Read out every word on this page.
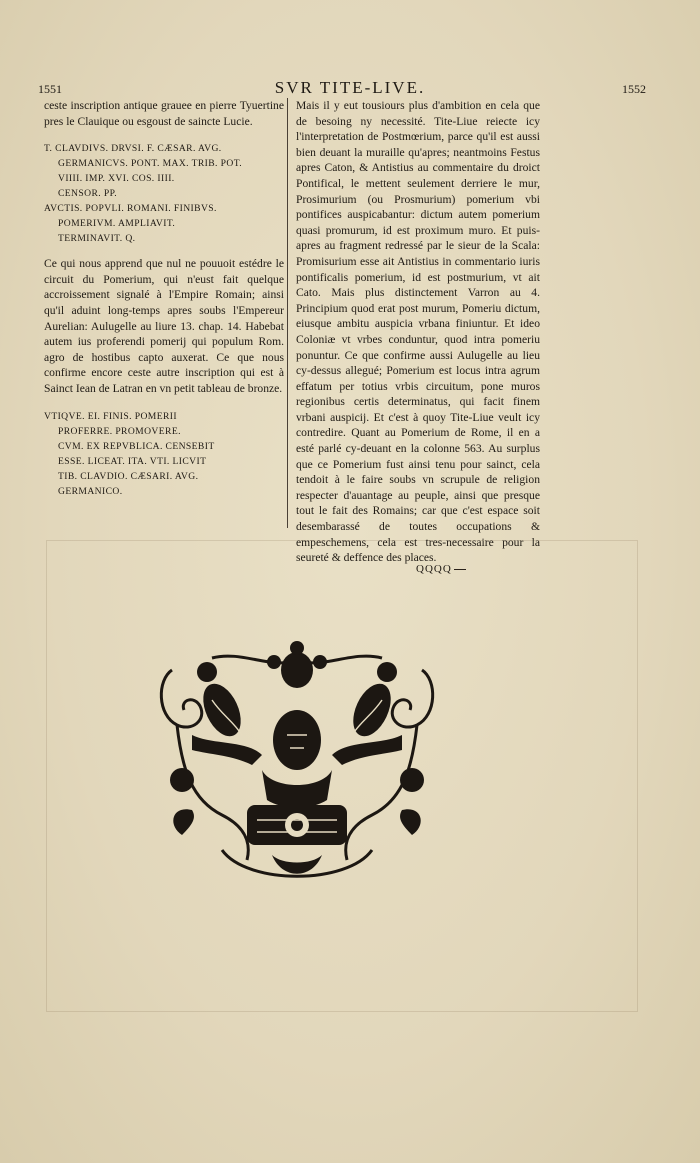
1551	SVR TITE-LIVE.	1552

ceste inscription antique grauee en pierre Tyuertine pres le Clauique ou esgoust de saincte Lucie.

T. CLAVDIVS. DRVSI. F. CÆSAR. AVG.
GERMANICVS. PONT. MAX. TRIB. POT.
VIIII. IMP. XVI. COS. IIII.
CENSOR. PP.
AVCTIS. POPVLI. ROMANI. FINIBVS.
POMERIVM. AMPLIAVIT.
TERMINAVIT. Q.

Ce qui nous apprend que nul ne pouuoit estédre le circuit du Pomerium, qui n'eust fait quelque accroissement signalé à l'Empire Romain; ainsi qu'il aduint long-temps apres soubs l'Empereur Aurelian: Aulugelle au liure 13. chap. 14. Habebat autem ius proferendi pomerij qui populum Rom. agro de hostibus capto auxerat. Ce que nous confirme encore ceste autre inscription qui est à Sainct Iean de Latran en vn petit tableau de bronze.

VTIQVE. EI. FINIS. POMERII
PROFERRE. PROMOVERE.
CVM. EX REPVBLICA. CENSEBIT
ESSE. LICEAT. ITA. VTI. LICVIT
TIB. CLAVDIO. CÆSARI. AVG.
GERMANICO.

Mais il y eut tousiours plus d'ambition en cela que de besoing ny necessité. Tite-Liue reiecte icy l'interpretation de Postmœrium, parce qu'il est aussi bien deuant la muraille qu'apres; neantmoins Festus apres Caton, & Antistius au commentaire du droict Pontifical, le mettent seulement derriere le mur, Prosimurium (ou Prosmurium) pomerium vbi pontifices auspicabantur: dictum autem pomerium quasi promurum, id est proximum muro. Et puis-apres au fragment redressé par le sieur de la Scala: Promisurium esse ait Antistius in commentario iuris pontificalis pomerium, id est postmurium, vt ait Cato. Mais plus distinctement Varron au 4. Principium quod erat post murum, Pomeriu dictum, eiusque ambitu auspicia vrbana finiuntur. Et ideo Coloniæ vt vrbes conduntur, quod intra pomeriu ponuntur. Ce que confirme aussi Aulugelle au lieu cy-dessus allegué; Pomerium est locus intra agrum effatum per totius vrbis circuitum, pone muros regionibus certis determinatus, qui facit finem vrbani auspicij. Et c'est à quoy Tite-Liue veult icy contredire. Quant au Pomerium de Rome, il en a esté parlé cy-deuant en la colonne 563. Au surplus que ce Pomerium fust ainsi tenu pour sainct, cela tendoit à le faire soubs vn scrupule de religion respecter d'auantage au peuple, ainsi que presque tout le fait des Romains; car que c'est espace soit desembarassé de toutes occupations & empeschemens, cela est tres-necessaire pour la seureté & deffence des places.

QQQQ
